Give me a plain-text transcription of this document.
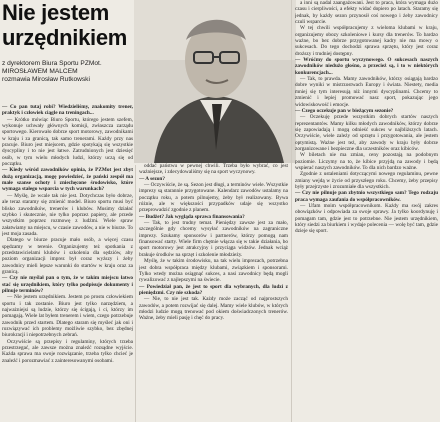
Nie jestem
urzędnikiem
z dyrektorem Biura Sportu PZMot.
MIROSŁAWEM MALCEM
rozmawia Mirosław Rutkowski

— Co pan tutaj robi? Wiedzieliśmy, znakomity trener, praktyk i człowiek ciągle na treningach...

— Krótko mówiąc Biuro Sportu, którego jestem szefem, wykonuje uchwały głównych komisji, zwłaszcza zarządu sportowego. Kierowało dobrze sport motorowy, zawodnikami w kraju i za granicą, tak samo trenerami. Każdy przy nas pracuje. Biuro jest miejscem, gdzie spotykają się wszystkie dyscypliny i to nie jest łatwe. Zatrudnionych jest dziesięć osób, w tym wielu młodych ludzi, którzy uczą się od początku.

— Kiedy wśród zawodników opinia, że PZMot jest zbyt dużą organizacją, mogę powiedzieć, że pański zespół ma małe szanse ochoty i zniechęcone środowisko, które wymaga stałego wsparcia w tych warunkach?

— Myślę, że wcale tak nie jest. Dotychczas było dobrze, ale teraz staramy się zmienić model. Biuro sportu musi być blisko zawodników, trenerów i klubów. Musimy działać szybko i skutecznie, nie tylko poprzez papiery, ale przede wszystkim poprzez rozmowę z ludźmi. Wiele spraw załatwiamy na miejscu, w czasie zawodów, a nie w biurze. To jest moja zasada.

Dlatego w biurze pracuje mało osób, a więcej czasu spędzamy w terenie. Organizujemy też spotkania z przedstawicielami klubów i szkolenia dla sędziów, aby poziom organizacji imprez był coraz wyższy i żeby zawodnicy mieli lepsze warunki do startów w kraju oraz za granicą.

— Czy nie myślał pan o tym, że w takim miejscu łatwo stać się urzędnikiem, który tylko podpisuje dokumenty i pilnuje terminów?

— Nie jestem urzędnikiem. Jestem po prostu człowiekiem sportu i tak zostanie. Biuro jest tylko narzędziem, a najważniejsi są ludzie, którzy się ścigają, i ci, którzy im pomagają. Wiele lat byłem trenerem i wiem, czego potrzebuje zawodnik przed startem. Dlatego staram się myśleć jak oni i rozwiązywać ich problemy możliwie szybko, bez zbędnej biurokracji i niepotrzebnych zebrań.

Oczywiście są przepisy i regulaminy, których trzeba przestrzegać, ale zawsze można znaleźć rozsądne wyjście. Każda sprawa ma swoje rozwiązanie, trzeba tylko chcieć je znaleźć i porozmawiać z zainteresowanymi osobami.

oddać państwu w pewnej chwili. Trzeba było wybrać, co jest ważniejsze, i zdecydowaliśmy się na sport wyczynowy.

— A sezon?

— Oczywiście, że są. Sezon jest długi, a terminów wiele. Wszystkie imprezy są starannie przygotowane. Kalendarz zawodów ustalamy na początku roku, a potem pilnujemy, żeby był realizowany. Bywa różnie, ale w większości przypadków udaje się wszystko przeprowadzić zgodnie z planem.

— Budżet? Jak wygląda sprawa finansowania?

— Tak, to jest trudny temat. Pieniędzy zawsze jest za mało, szczególnie gdy chcemy wysyłać zawodników na zagraniczne imprezy. Szukamy sponsorów i partnerów, którzy pomogą nam finansować starty. Wiele firm chętnie włącza się w takie działania, bo sport motorowy jest atrakcyjny i przyciąga widzów. Jednak wciąż brakuje środków na sprzęt i szkolenie młodzieży.

Myślę, że w takim środowisku, na tak wielu imprezach, potrzebna jest dobra współpraca między klubami, związkiem i sponsorami. Tylko wtedy można osiągnąć sukces, a nasi zawodnicy będą mogli rywalizować z najlepszymi na świecie.

— Powiedział pan, że jest to sport dla wybranych, dla ludzi z pieniędzmi. Czy nie szkoda?

— Nie, to nie jest tak. Każdy może zacząć od najprostszych zawodów, a potem rozwijać się dalej. Mamy wiele klubów, w których młodzi ludzie mogą trenować pod okiem doświadczonych trenerów. Ważne, żeby mieli pasję i chęć do pracy.

a inni są nadal zaangażowani. Jest to praca, która wymaga dużo czasu i cierpliwości, a efekty widać dopiero po latach. Staramy się jednak, by każdy sezon przynosił coś nowego i żeby zawodnicy czuli wsparcie.

W tej chwili współpracujemy z wieloma klubami w kraju, organizujemy obozy szkoleniowe i kursy dla trenerów. To bardzo ważne, bo bez dobrze przygotowanej kadry nie ma mowy o sukcesach. Do tego dochodzi sprawa sprzętu, który jest coraz droższy i trudniej dostępny.

— Wróćmy do sportu wyczynowego. O sukcesach naszych zawodników niedużo głośno, a przecież są, i to w niektórych konkurencjach...

— Tak, to prawda. Mamy zawodników, którzy osiągają bardzo dobre wyniki w mistrzostwach Europy i świata. Niestety, media mniej się tym interesują niż innymi dyscyplinami. Chcemy to zmienić i lepiej promować nasz sport, pokazując jego widowiskowość i emocje.

— Czego oczekuje pan w bieżącym sezonie?

— Oczekuję przede wszystkim dobrych startów naszych reprezentantów. Mamy kilku młodych zawodników, którzy dobrze się zapowiadają i mogą odnieść sukces w najbliższych latach. Oczywiście, wiele zależy od sprzętu i przygotowania, ale jestem optymistą. Ważne jest też, aby zawody w kraju były dobrze zorganizowane i bezpieczne dla uczestników oraz kibiców.

W biletach nie ma zmian, ceny pozostają na podobnym poziomie. Liczymy na to, że kibice przyjdą na zawody i będą wspierać naszych zawodników. To dla nich bardzo ważne.

Zgodnie z ustaleniami dotyczącymi nowego regulaminu, pewne zmiany wejdą w życie od przyszłego roku. Chcemy, żeby przepisy były przejrzyste i zrozumiałe dla wszystkich.

— Czy nie pilnuje pan zbytnio wszystkiego sam? Tego rodzaju praca wymaga zaufania do współpracowników.

— Ufam moim współpracownikom. Każdy ma swój zakres obowiązków i odpowiada za swoje sprawy. Ja tylko koordynuję i pomagam tam, gdzie jest to potrzebne. Nie jestem urzędnikiem, który siedzi za biurkiem i wydaje polecenia — wolę być tam, gdzie dzieje się sport.
